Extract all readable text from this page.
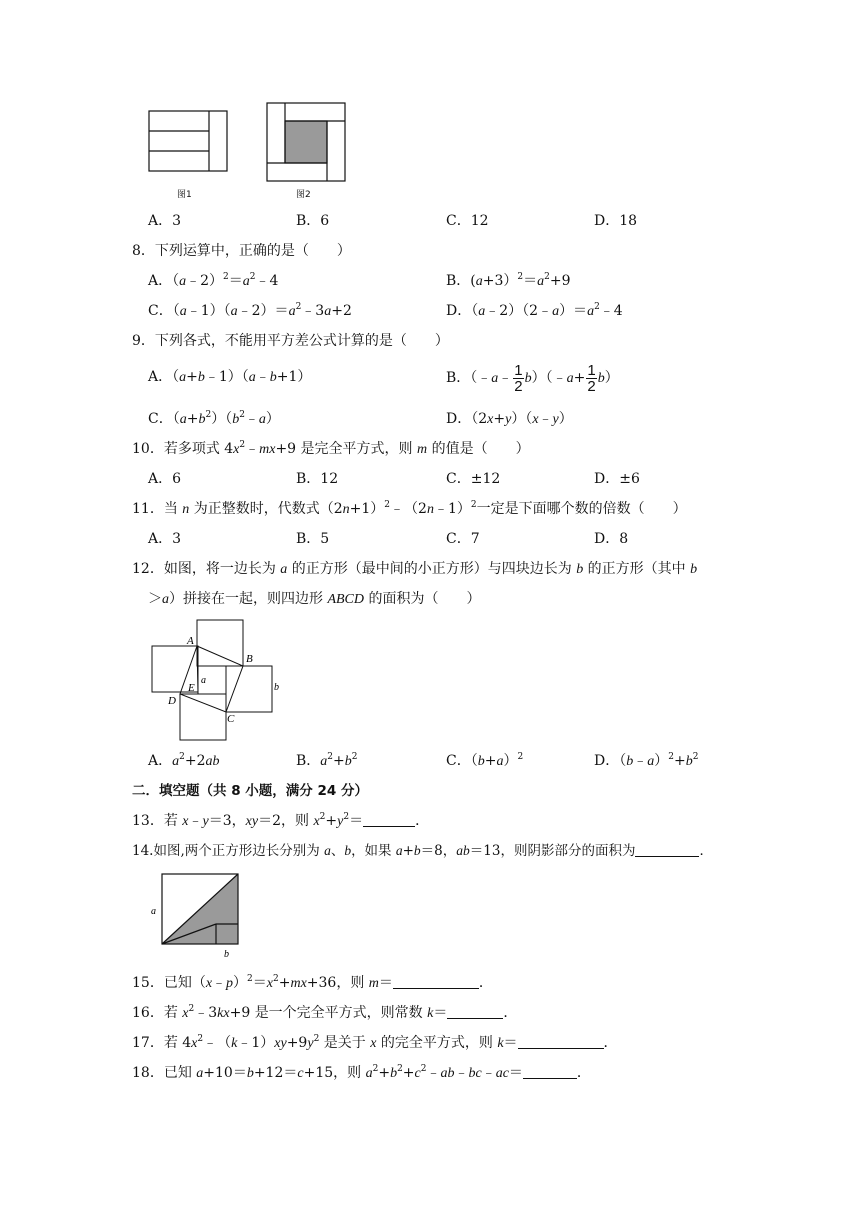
图1	图2
A．3	B．6	C．12	D．18
8．下列运算中，正确的是（　　）
A．$(a﹣2)^2=a^2﹣4$	B．$(a+3)^2=a^2+9$
C．$(a﹣1)(a﹣2)=a^2﹣3a+2$	D．$(a﹣2)(2﹣a)=a^2﹣4$
9．下列各式，不能用平方差公式计算的是（　　）
A．（a+b﹣1）（a﹣b+1）	B．（﹣a﹣ $\frac{1}{2}$ b）（﹣a+ $\frac{1}{2} b$）
C．$(a+b^2)(b^2﹣a)$	D．（2x+y）（x﹣y）
10．若多项式 $4x^2﹣mx+9$ 是完全平方式，则 m 的值是（　　）
A．6	B．12	C．±12	D．±6
11．当 n 为正整数时，代数式$(2n+1)^2﹣(2n﹣1)^2$一定是下面哪个数的倍数（　　）
A．3	B．5	C．7	D．8
12．如图，将一边长为 a 的正方形（最中间的小正方形）与四块边长为 b 的正方形（其中 b
＞a）拼接在一起，则四边形 ABCD 的面积为（　　）
A
B
C
D
E
a
b
A．$a^2+2ab$	B．$a^2+b^2$	C．$(b+a)^2$	D．$(b﹣a)^2+b^2$
二．填空题（共 8 小题，满分 24 分）
13．若 x﹣y＝3，xy＝2，则 $x^2+y^2=$	．
14.如图,两个正方形边长分别为 a、b，如果 a+b＝8，ab＝13，则阴影部分的面积为	．
a
b
15．已知$(x﹣p)^2=x^2+mx+36$，则 m＝	．
16．若 $x^2﹣3kx+9$ 是一个完全平方式，则常数 k＝	．
17．若 $4x^2﹣(k﹣1)xy+9y^2$ 是关于 x 的完全平方式，则 k＝	．
18．已知 a+10＝b+12＝c+15，则 $a^2+b^2+c^2﹣ab﹣bc﹣ac=$	．
